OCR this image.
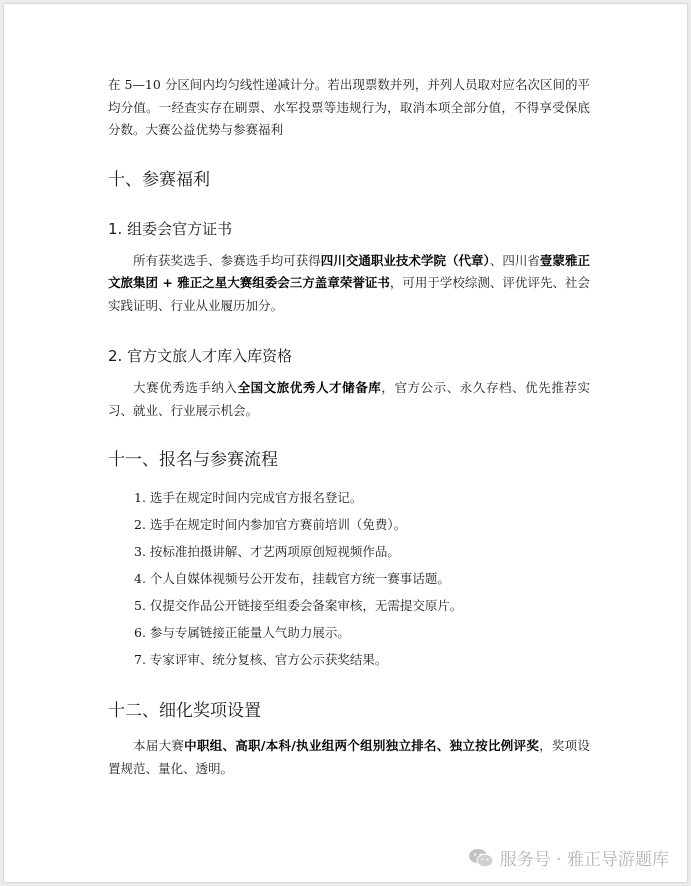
在 5—10 分区间内均匀线性递减计分。若出现票数并列，并列人员取对应名次区间的平均分值。一经查实存在刷票、水军投票等违规行为，取消本项全部分值，不得享受保底分数。大赛公益优势与参赛福利

十、参赛福利
1. 组委会官方证书

所有获奖选手、参赛选手均可获得四川交通职业技术学院（代章）、四川省壹蒙雅正文旅集团 + 雅正之星大赛组委会三方盖章荣誉证书，可用于学校综测、评优评先、社会实践证明、行业从业履历加分。

2. 官方文旅人才库入库资格

大赛优秀选手纳入全国文旅优秀人才储备库，官方公示、永久存档、优先推荐实习、就业、行业展示机会。

十一、报名与参赛流程
1. 选手在规定时间内完成官方报名登记。
2. 选手在规定时间内参加官方赛前培训（免费）。
3. 按标准拍摄讲解、才艺两项原创短视频作品。
4. 个人自媒体视频号公开发布，挂载官方统一赛事话题。
5. 仅提交作品公开链接至组委会备案审核，无需提交原片。
6. 参与专属链接正能量人气助力展示。
7. 专家评审、统分复核、官方公示获奖结果。
十二、细化奖项设置

本届大赛中职组、高职/本科/执业组两个组别独立排名、独立按比例评奖，奖项设置规范、量化、透明。

服务号 · 雅正导游题库
